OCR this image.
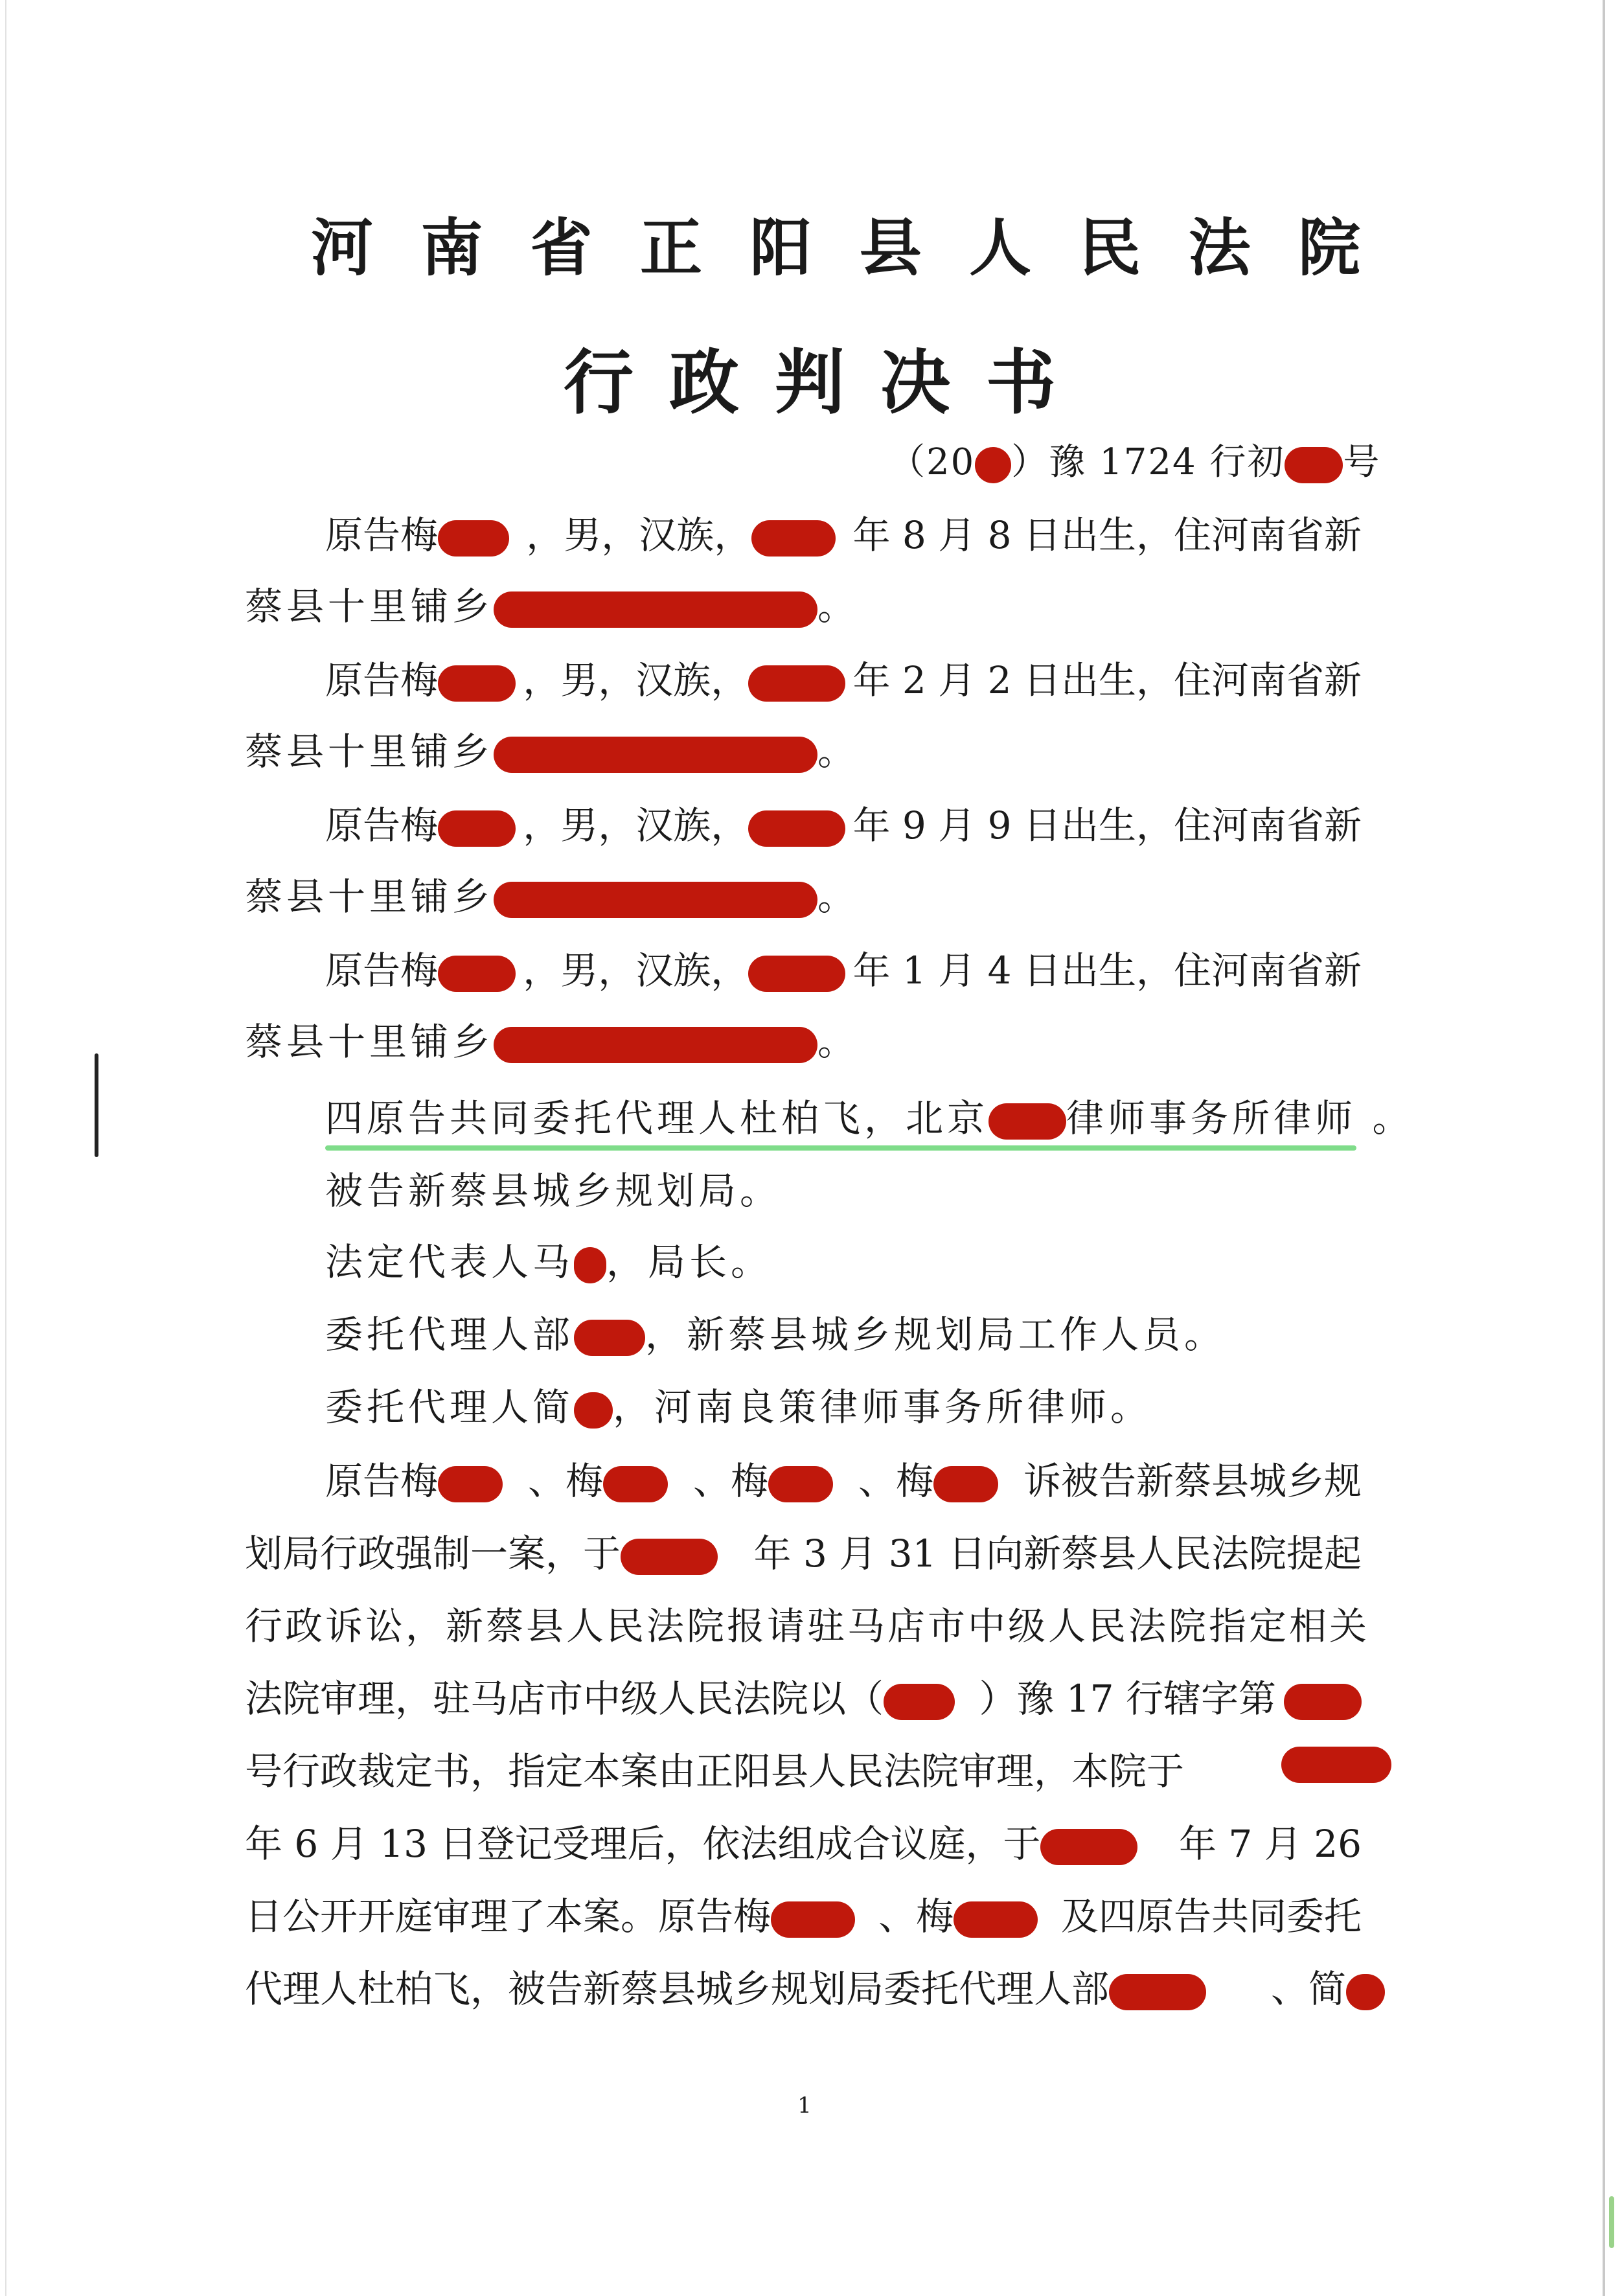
河 南 省 正 阳 县 人 民 法 院
行 政 判 决 书
（20 ）豫 1724 行初 号
原告梅	，男，汉族，	年 8 月 8 日出生，住河南省新
蔡县十里铺乡	。
原告梅	，男，汉族，	年 2 月 2 日出生，住河南省新
蔡县十里铺乡	。
原告梅	，男，汉族，	年 9 月 9 日出生，住河南省新
蔡县十里铺乡	。
原告梅	，男，汉族，	年 1 月 4 日出生，住河南省新
蔡县十里铺乡	。
四原告共同委托代理人杜柏飞，北京 律师事务所律师 。
被告新蔡县城乡规划局。
法定代表人马 ，局长。
委托代理人部 ，新蔡县城乡规划局工作人员。
委托代理人简 ，河南良策律师事务所律师。
原告梅	、梅	、梅	、梅	诉被告新蔡县城乡规
划局行政强制一案，于	年 3 月 31 日向新蔡县人民法院提起
行政诉讼，新蔡县人民法院报请驻马店市中级人民法院指定相关
法院审理，驻马店市中级人民法院以（	）豫 17 行辖字第
号行政裁定书，指定本案由正阳县人民法院审理，本院于
年 6 月 13 日登记受理后，依法组成合议庭，于	年 7 月 26
日公开开庭审理了本案。原告梅	、梅	及四原告共同委托
代理人杜柏飞，被告新蔡县城乡规划局委托代理人部	、简
1
